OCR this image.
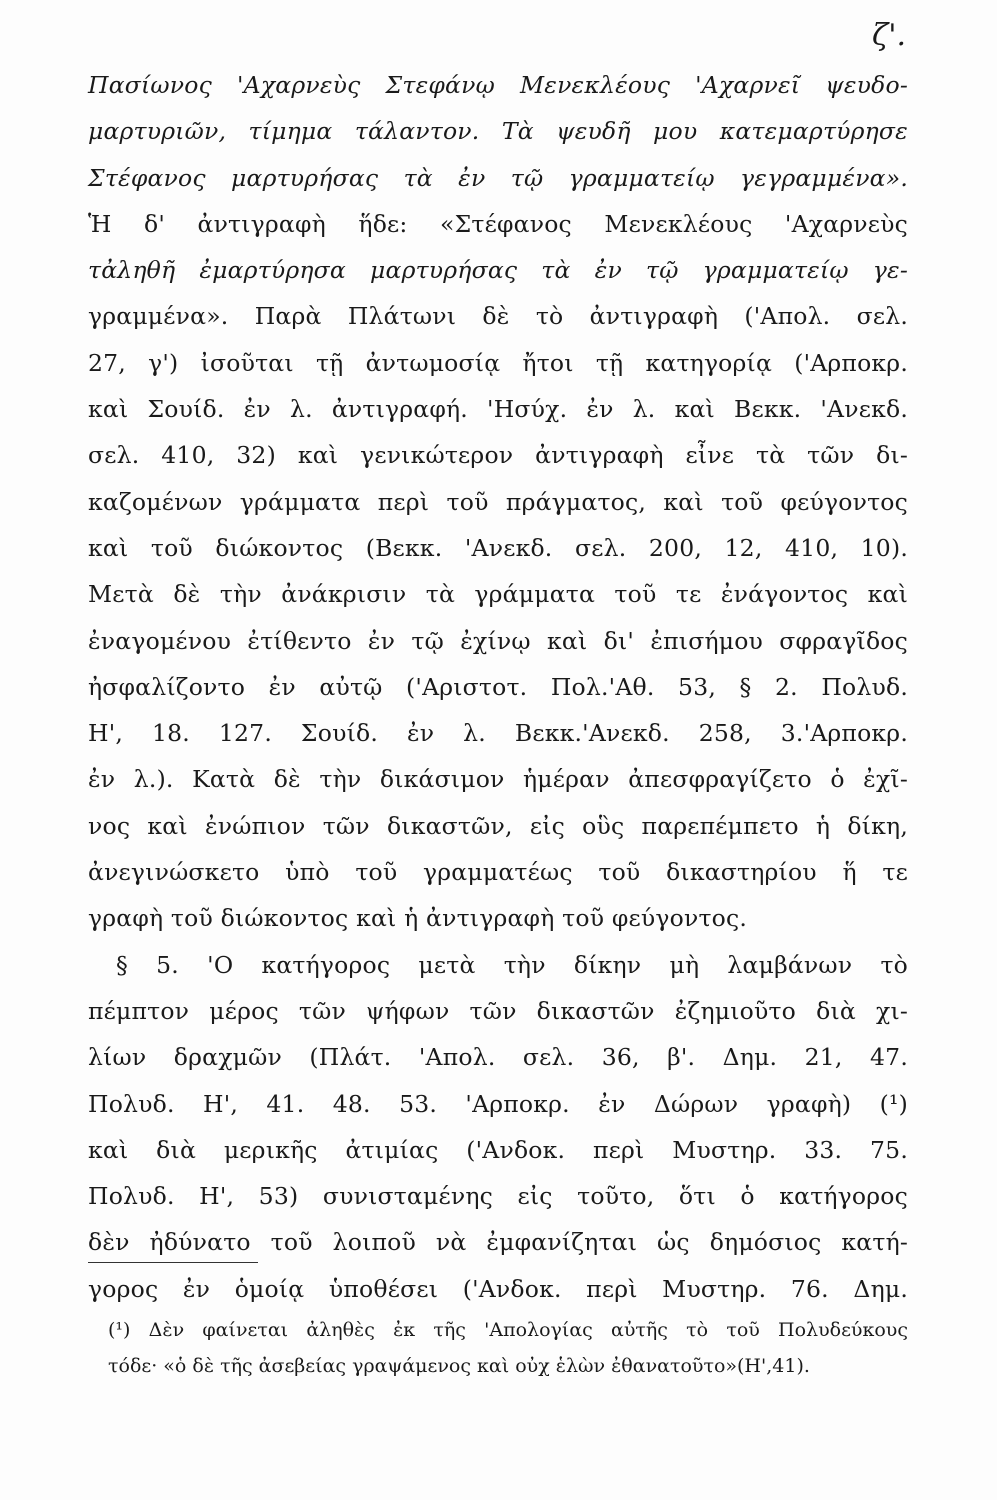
ζ'.
Πασίωνος 'Αχαρνεὺς Στεφάνῳ Μενεκλέους 'Αχαρνεῖ ψευδο-
μαρτυριῶν, τίμημα τάλαντον. Τὰ ψευδῆ μου κατεμαρτύρησε
Στέφανος μαρτυρήσας τὰ ἐν τῷ γραμματείῳ γεγραμμένα».
Ἡ δ' ἀντιγραφὴ ἥδε: «Στέφανος Μενεκλέους 'Αχαρνεὺς
τἀληθῆ ἐμαρτύρησα μαρτυρήσας τὰ ἐν τῷ γραμματείῳ γε-
γραμμένα». Παρὰ Πλάτωνι δὲ τὸ ἀντιγραφὴ ('Απολ. σελ.
27, γ') ἰσοῦται τῇ ἀντωμοσίᾳ ἤτοι τῇ κατηγορίᾳ ('Αρποκρ.
καὶ Σουίδ. ἐν λ. ἀντιγραφή. 'Ησύχ. ἐν λ. καὶ Βεκκ. 'Ανεκδ.
σελ. 410, 32) καὶ γενικώτερον ἀντιγραφὴ εἶνε τὰ τῶν δι-
καζομένων γράμματα περὶ τοῦ πράγματος, καὶ τοῦ φεύγοντος
καὶ τοῦ διώκοντος (Βεκκ. 'Ανεκδ. σελ. 200, 12, 410, 10).
Μετὰ δὲ τὴν ἀνάκρισιν τὰ γράμματα τοῦ τε ἐνάγοντος καὶ
ἐναγομένου ἐτίθεντο ἐν τῷ ἐχίνῳ καὶ δι' ἐπισήμου σφραγῖδος
ἠσφαλίζοντο ἐν αὐτῷ ('Αριστοτ. Πολ.'Αθ. 53, § 2. Πολυδ.
Η', 18. 127. Σουίδ. ἐν λ. Βεκκ.'Ανεκδ. 258, 3.'Αρποκρ.
ἐν λ.). Κατὰ δὲ τὴν δικάσιμον ἡμέραν ἀπεσφραγίζετο ὁ ἐχῖ-
νος καὶ ἐνώπιον τῶν δικαστῶν, εἰς οὓς παρεπέμπετο ἡ δίκη,
ἀνεγινώσκετο ὑπὸ τοῦ γραμματέως τοῦ δικαστηρίου ἥ τε
γραφὴ τοῦ διώκοντος καὶ ἡ ἀντιγραφὴ τοῦ φεύγοντος.
§ 5. 'Ο κατήγορος μετὰ τὴν δίκην μὴ λαμβάνων τὸ
πέμπτον μέρος τῶν ψήφων τῶν δικαστῶν ἐζημιοῦτο διὰ χι-
λίων δραχμῶν (Πλάτ. 'Απολ. σελ. 36, β'. Δημ. 21, 47.
Πολυδ. Η', 41. 48. 53. 'Αρποκρ. ἐν Δώρων γραφὴ) (¹)
καὶ διὰ μερικῆς ἀτιμίας ('Ανδοκ. περὶ Μυστηρ. 33. 75.
Πολυδ. Η', 53) συνισταμένης εἰς τοῦτο, ὅτι ὁ κατήγορος
δὲν ἠδύνατο τοῦ λοιποῦ νὰ ἐμφανίζηται ὡς δημόσιος κατή-
γορος ἐν ὁμοίᾳ ὑποθέσει ('Ανδοκ. περὶ Μυστηρ. 76. Δημ.
(¹) Δὲν φαίνεται ἀληθὲς ἐκ τῆς 'Απολογίας αὐτῆς τὸ τοῦ Πολυδεύκους
τόδε· «ὁ δὲ τῆς ἀσεβείας γραψάμενος καὶ οὐχ ἑλὼν ἐθανατοῦτο»(Η',41).
